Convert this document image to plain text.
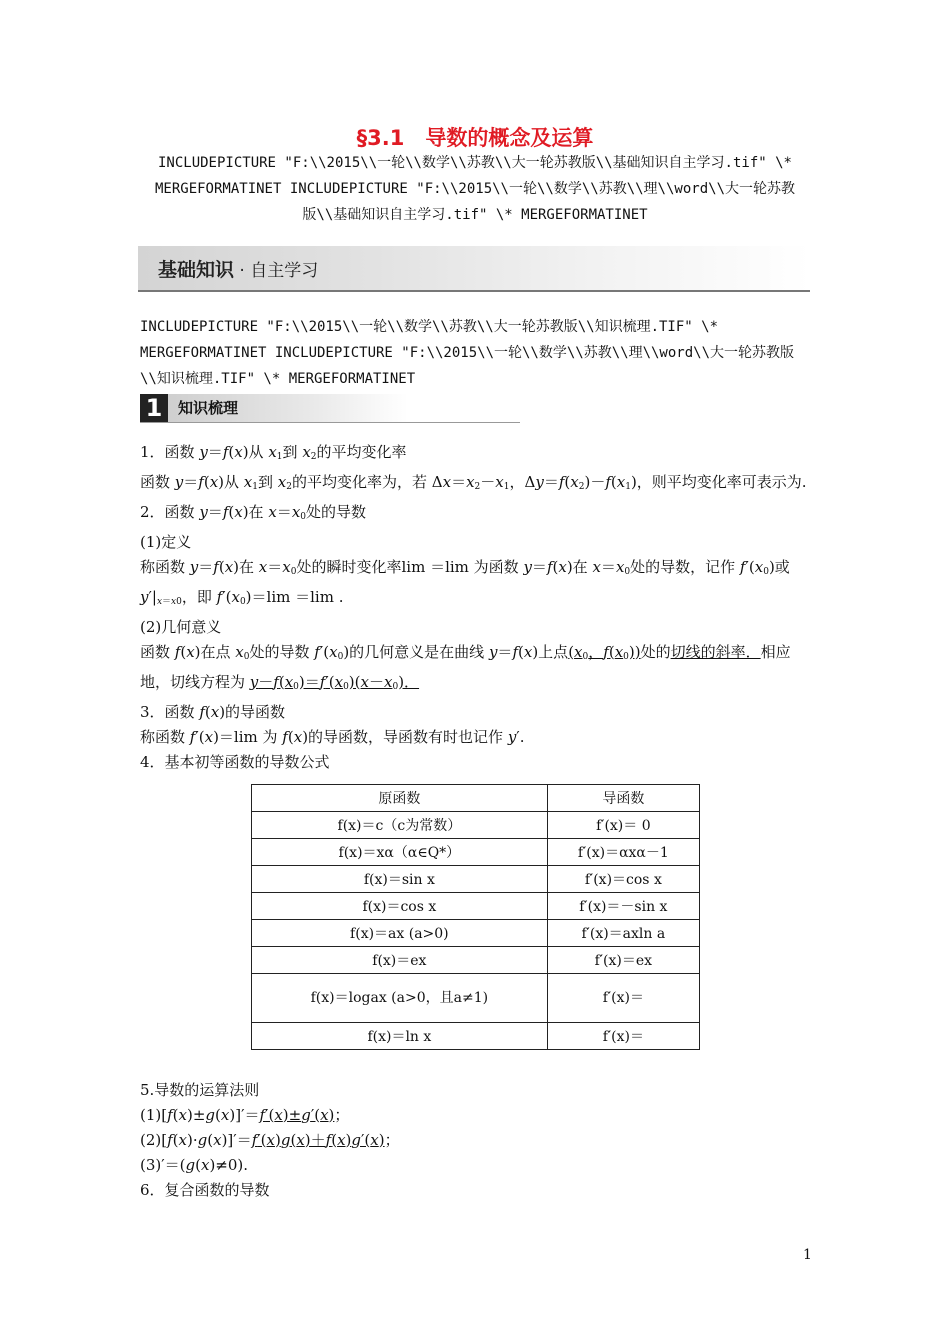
§3.1　导数的概念及运算
INCLUDEPICTURE "F:\\2015\\一轮\\数学\\苏教\\大一轮苏教版\\基础知识自主学习.tif" \* MERGEFORMATINET INCLUDEPICTURE "F:\\2015\\一轮\\数学\\苏教\\理\\word\\大一轮苏教版\\基础知识自主学习.tif" \* MERGEFORMATINET
基础知识 · 自主学习
INCLUDEPICTURE "F:\\2015\\一轮\\数学\\苏教\\大一轮苏教版\\知识梳理.TIF" \* MERGEFORMATINET INCLUDEPICTURE "F:\\2015\\一轮\\数学\\苏教\\理\\word\\大一轮苏教版\\知识梳理.TIF" \* MERGEFORMATINET
1	知识梳理

1．函数 y＝f(x)从 x1到 x2的平均变化率

函数 y＝f(x)从 x1到 x2的平均变化率为，若 Δx＝x2－x1，Δy＝f(x2)－f(x1)，则平均变化率可表示为.

2．函数 y＝f(x)在 x＝x0处的导数

(1)定义

称函数 y＝f(x)在 x＝x0处的瞬时变化率lim ＝lim 为函数 y＝f(x)在 x＝x0处的导数，记作 f′(x0)或 y′|x＝x0，即 f′(x0)＝lim ＝lim .

(2)几何意义

函数 f(x)在点 x0处的导数 f′(x0)的几何意义是在曲线 y＝f(x)上点(x0，f(x0))处的切线的斜率．相应地，切线方程为 y－f(x0)＝f′(x0)(x－x0)．

3．函数 f(x)的导函数

称函数 f′(x)＝lim 为 f(x)的导函数，导函数有时也记作 y′.

4．基本初等函数的导数公式

原函数	导函数
f(x)＝c（c为常数）	f′(x)＝ 0
f(x)＝xα（α∈Q*）	f′(x)＝αxα－1
f(x)＝sin x	f′(x)＝cos x
f(x)＝cos x	f′(x)＝－sin x
f(x)＝ax (a>0)	f′(x)＝axln a
f(x)＝ex	f′(x)＝ex
f(x)＝logax (a>0，且a≠1)	f′(x)＝
f(x)＝ln x	f′(x)＝

5.导数的运算法则

(1)[f(x)±g(x)]′＝f′(x)±g′(x)；

(2)[f(x)·g(x)]′＝f′(x)g(x)＋f(x)g′(x)；

(3)′＝(g(x)≠0).

6．复合函数的导数

1
